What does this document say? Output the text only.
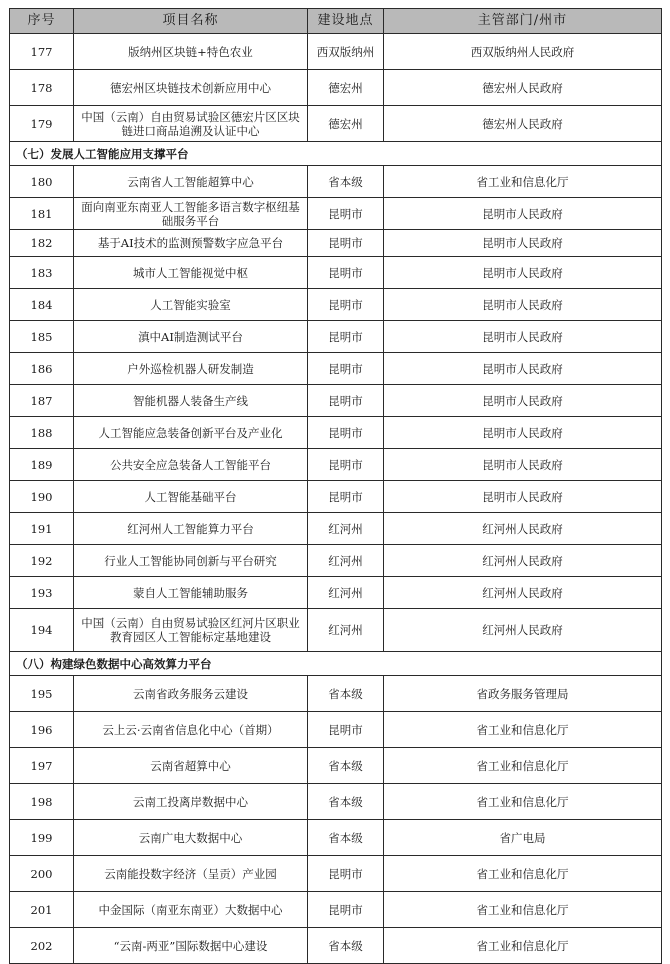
序号	项目名称	建设地点	主管部门/州市
177	版纳州区块链+特色农业	西双版纳州	西双版纳州人民政府
178	德宏州区块链技术创新应用中心	德宏州	德宏州人民政府
179	中国（云南）自由贸易试验区德宏片区区块链进口商品追溯及认证中心	德宏州	德宏州人民政府
（七）发展人工智能应用支撑平台			
180	云南省人工智能超算中心	省本级	省工业和信息化厅
181	面向南亚东南亚人工智能多语言数字枢纽基础服务平台	昆明市	昆明市人民政府
182	基于AI技术的监测预警数字应急平台	昆明市	昆明市人民政府
183	城市人工智能视觉中枢	昆明市	昆明市人民政府
184	人工智能实验室	昆明市	昆明市人民政府
185	滇中AI制造测试平台	昆明市	昆明市人民政府
186	户外巡检机器人研发制造	昆明市	昆明市人民政府
187	智能机器人装备生产线	昆明市	昆明市人民政府
188	人工智能应急装备创新平台及产业化	昆明市	昆明市人民政府
189	公共安全应急装备人工智能平台	昆明市	昆明市人民政府
190	人工智能基础平台	昆明市	昆明市人民政府
191	红河州人工智能算力平台	红河州	红河州人民政府
192	行业人工智能协同创新与平台研究	红河州	红河州人民政府
193	蒙自人工智能辅助服务	红河州	红河州人民政府
194	中国（云南）自由贸易试验区红河片区职业教育园区人工智能标定基地建设	红河州	红河州人民政府
（八）构建绿色数据中心高效算力平台			
195	云南省政务服务云建设	省本级	省政务服务管理局
196	云上云·云南省信息化中心（首期）	昆明市	省工业和信息化厅
197	云南省超算中心	省本级	省工业和信息化厅
198	云南工投离岸数据中心	省本级	省工业和信息化厅
199	云南广电大数据中心	省本级	省广电局
200	云南能投数字经济（呈贡）产业园	昆明市	省工业和信息化厅
201	中金国际（南亚东南亚）大数据中心	昆明市	省工业和信息化厅
202	“云南-两亚”国际数据中心建设	省本级	省工业和信息化厅
